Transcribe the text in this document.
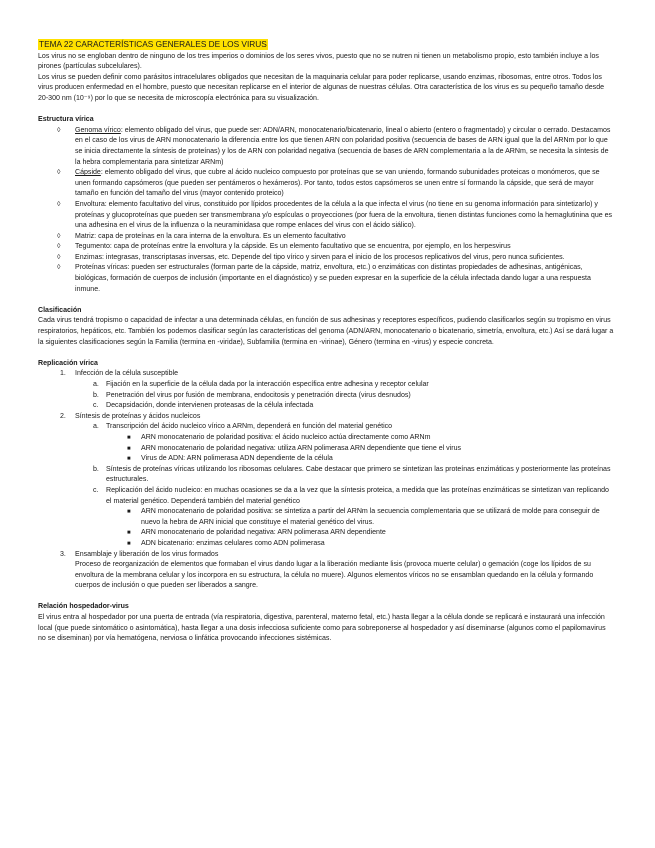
TEMA 22 CARACTERÍSTICAS GENERALES DE LOS VIRUS

Los virus no se engloban dentro de ninguno de los tres imperios o dominios de los seres vivos, puesto que no se nutren ni tienen un metabolismo propio, esto también incluye a los pirones (partículas subcelulares).

Los virus se pueden definir como parásitos intracelulares obligados que necesitan de la maquinaria celular para poder replicarse, usando enzimas, ribosomas, entre otros. Todos los virus producen enfermedad en el hombre, puesto que necesitan replicarse en el interior de algunas de nuestras células. Otra característica de los virus es su pequeño tamaño desde 20-300 nm (10⁻⁹) por lo que se necesita de microscopía electrónica para su visualización.

Estructura vírica

◊ Genoma vírico: elemento obligado del virus, que puede ser: ADN/ARN, monocatenario/bicatenario, lineal o abierto (entero o fragmentado) y circular o cerrado. Destacamos en el caso de los virus de ARN monocatenario la diferencia entre los que tienen ARN con polaridad positiva (secuencia de bases de ARN igual que la del ARNm por lo que se inicia directamente la síntesis de proteínas) y los de ARN con polaridad negativa (secuencia de bases de ARN complementaria a la de ARNm, se necesita la síntesis de la hebra complementaria para sintetizar ARNm)
◊ Cápside: elemento obligado del virus, que cubre al ácido nucleico compuesto por proteínas que se van uniendo, formando subunidades proteicas o monómeros, que se unen formando capsómeros (que pueden ser pentámeros o hexámeros). Por tanto, todos estos capsómeros se unen entre sí formando la cápside, que será de mayor tamaño en función del tamaño del virus (mayor contenido proteico)
◊ Envoltura: elemento facultativo del virus, constituido por lípidos procedentes de la célula a la que infecta el virus (no tiene en su genoma información para sintetizarlo) y proteínas y glucoproteínas que pueden ser transmembrana y/o espículas o proyecciones (por fuera de la envoltura, tienen distintas funciones como la hemaglutinina que es una adhesina en el virus de la influenza o la neuraminidasa que rompe enlaces del virus con el ácido siálico).
◊ Matriz: capa de proteínas en la cara interna de la envoltura. Es un elemento facultativo
◊ Tegumento: capa de proteínas entre la envoltura y la cápside. Es un elemento facultativo que se encuentra, por ejemplo, en los herpesvirus
◊ Enzimas: integrasas, transcriptasas inversas, etc. Depende del tipo vírico y sirven para el inicio de los procesos replicativos del virus, pero nunca suficientes.
◊ Proteínas víricas: pueden ser estructurales (forman parte de la cápside, matriz, envoltura, etc.) o enzimáticas con distintas propiedades de adhesinas, antigénicas, biológicas, formación de cuerpos de inclusión (importante en el diagnóstico) y se pueden expresar en la superficie de la célula infectada dando lugar a una respuesta inmune.

Clasificación

Cada virus tendrá tropismo o capacidad de infectar a una determinada células, en función de sus adhesinas y receptores específicos, pudiendo clasificarlos según su tropismo en virus respiratorios, hepáticos, etc. También los podemos clasificar según las características del genoma (ADN/ARN, monocatenario o bicatenario, simetría, envoltura, etc.) Así se dará lugar a la siguientes clasificaciones según la Familia (termina en -viridae), Subfamilia (termina en -virinae), Género (termina en -virus) y especie concreta.

Replicación vírica

1. Infección de la célula susceptible
a. Fijación en la superficie de la célula dada por la interacción específica entre adhesina y receptor celular
b. Penetración del virus por fusión de membrana, endocitosis y penetración directa (virus desnudos)
c. Decapsidación, donde intervienen proteasas de la célula infectada
2. Síntesis de proteínas y ácidos nucleicos
a. Transcripción del ácido nucleico vírico a ARNm, dependerá en función del material genético
■ ARN monocatenario de polaridad positiva: el ácido nucleico actúa directamente como ARNm
■ ARN monocatenario de polaridad negativa: utiliza ARN polimerasa ARN dependiente que tiene el virus
■ Virus de ADN: ARN polimerasa ADN dependiente de la célula
b. Síntesis de proteínas víricas utilizando los ribosomas celulares. Cabe destacar que primero se sintetizan las proteínas enzimáticas y posteriormente las proteínas estructurales.
c. Replicación del ácido nucleico: en muchas ocasiones se da a la vez que la síntesis proteica, a medida que las proteínas enzimáticas se sintetizan van replicando el material genético. Dependerá también del material genético
■ ARN monocatenario de polaridad positiva: se sintetiza a partir del ARNm la secuencia complementaria que se utilizará de molde para conseguir de nuevo la hebra de ARN inicial que constituye el material genético del virus.
■ ARN monocatenario de polaridad negativa: ARN polimerasa ARN dependiente
■ ADN bicatenario: enzimas celulares como ADN polimerasa
3. Ensamblaje y liberación de los virus formados

Proceso de reorganización de elementos que formaban el virus dando lugar a la liberación mediante lisis (provoca muerte celular) o gemación (coge los lípidos de su envoltura de la membrana celular y los incorpora en su estructura, la célula no muere). Algunos elementos víricos no se ensamblan quedando en la célula y formando cuerpos de inclusión o que pueden ser liberados a sangre.

Relación hospedador-virus

El virus entra al hospedador por una puerta de entrada (vía respiratoria, digestiva, parenteral, materno fetal, etc.) hasta llegar a la célula donde se replicará e instaurará una infección local (que puede sintomático o asintomática), hasta llegar a una dosis infecciosa suficiente como para sobreponerse al hospedador y así diseminarse (algunos como el papilomavirus no se diseminan) por vía hematógena, nerviosa o linfática provocando infecciones sistémicas.
